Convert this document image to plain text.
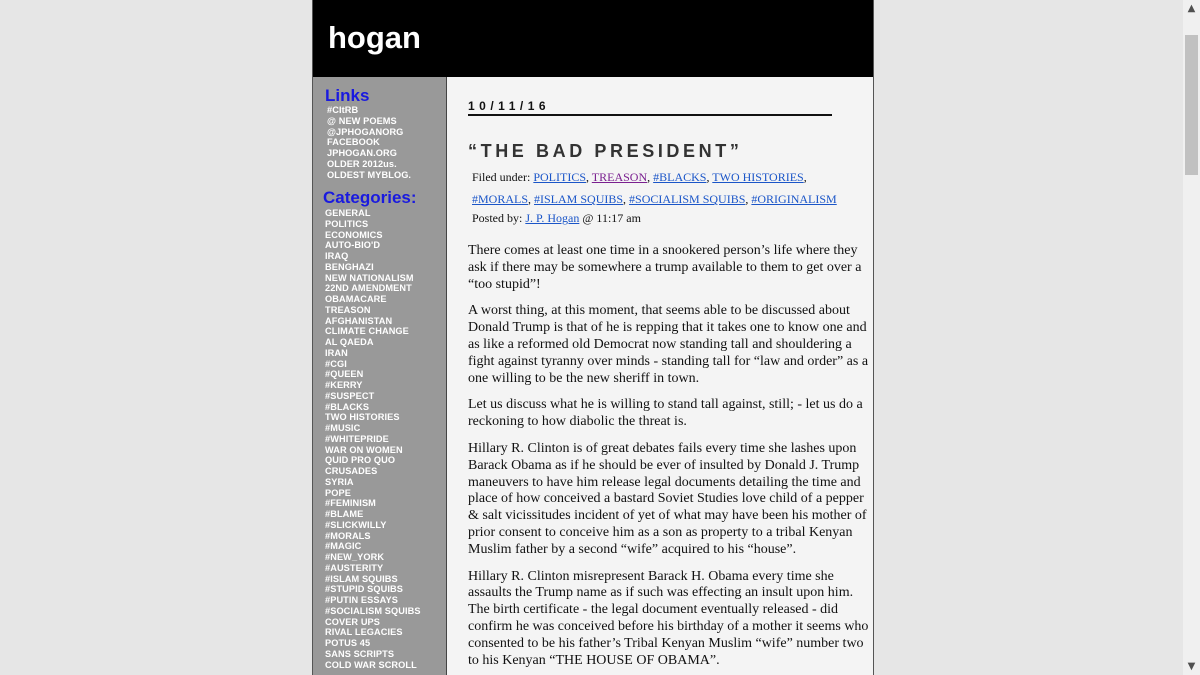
hogan
Links
#CItRB
@ NEW POEMS
@JPHOGANORG
FACEBOOK
JPHOGAN.ORG
OLDER 2012us.
OLDEST MYBLOG.
Categories:
GENERAL
POLITICS
ECONOMICS
AUTO-BIO'D
IRAQ
BENGHAZI
NEW NATIONALISM
22ND AMENDMENT
OBAMACARE
TREASON
AFGHANISTAN
CLIMATE CHANGE
AL QAEDA
IRAN
#CGI
#QUEEN
#KERRY
#SUSPECT
#BLACKS
TWO HISTORIES
#MUSIC
#WHITEPRIDE
WAR ON WOMEN
QUID PRO QUO
CRUSADES
SYRIA
POPE
#FEMINISM
#BLAME
#SLICKWILLY
#MORALS
#MAGIC
#NEW_YORK
#AUSTERITY
#ISLAM SQUIBS
#STUPID SQUIBS
#PUTIN ESSAYS
#SOCIALISM SQUIBS
COVER UPS
RIVAL LEGACIES
POTUS 45
SANS SCRIPTS
COLD WAR SCROLL
10/11/16
“THE BAD PRESIDENT”
Filed under: POLITICS, TREASON, #BLACKS, TWO HISTORIES, #MORALS, #ISLAM SQUIBS, #SOCIALISM SQUIBS, #ORIGINALISM
Posted by: J. P. Hogan @ 11:17 am

There comes at least one time in a snookered person’s life where they ask if there may be somewhere a trump available to them to get over a “too stupid”!

A worst thing, at this moment, that seems able to be discussed about Donald Trump is that of he is repping that it takes one to know one and as like a reformed old Democrat now standing tall and shouldering a fight against tyranny over minds - standing tall for “law and order” as a one willing to be the new sheriff in town.

Let us discuss what he is willing to stand tall against, still; - let us do a reckoning to how diabolic the threat is.

Hillary R. Clinton is of great debates fails every time she lashes upon Barack Obama as if he should be ever of insulted by Donald J. Trump maneuvers to have him release legal documents detailing the time and place of how conceived a bastard Soviet Studies love child of a pepper & salt vicissitudes incident of yet of what may have been his mother of prior consent to conceive him as a son as property to a tribal Kenyan Muslim father by a second “wife” acquired to his “house”.

Hillary R. Clinton misrepresent Barack H. Obama every time she assaults the Trump name as if such was effecting an insult upon him. The birth certificate - the legal document eventually released - did confirm he was conceived before his birthday of a mother it seems who consented to be his father’s Tribal Kenyan Muslim “wife” number two to his Kenyan “THE HOUSE OF OBAMA”.

▲
▼
